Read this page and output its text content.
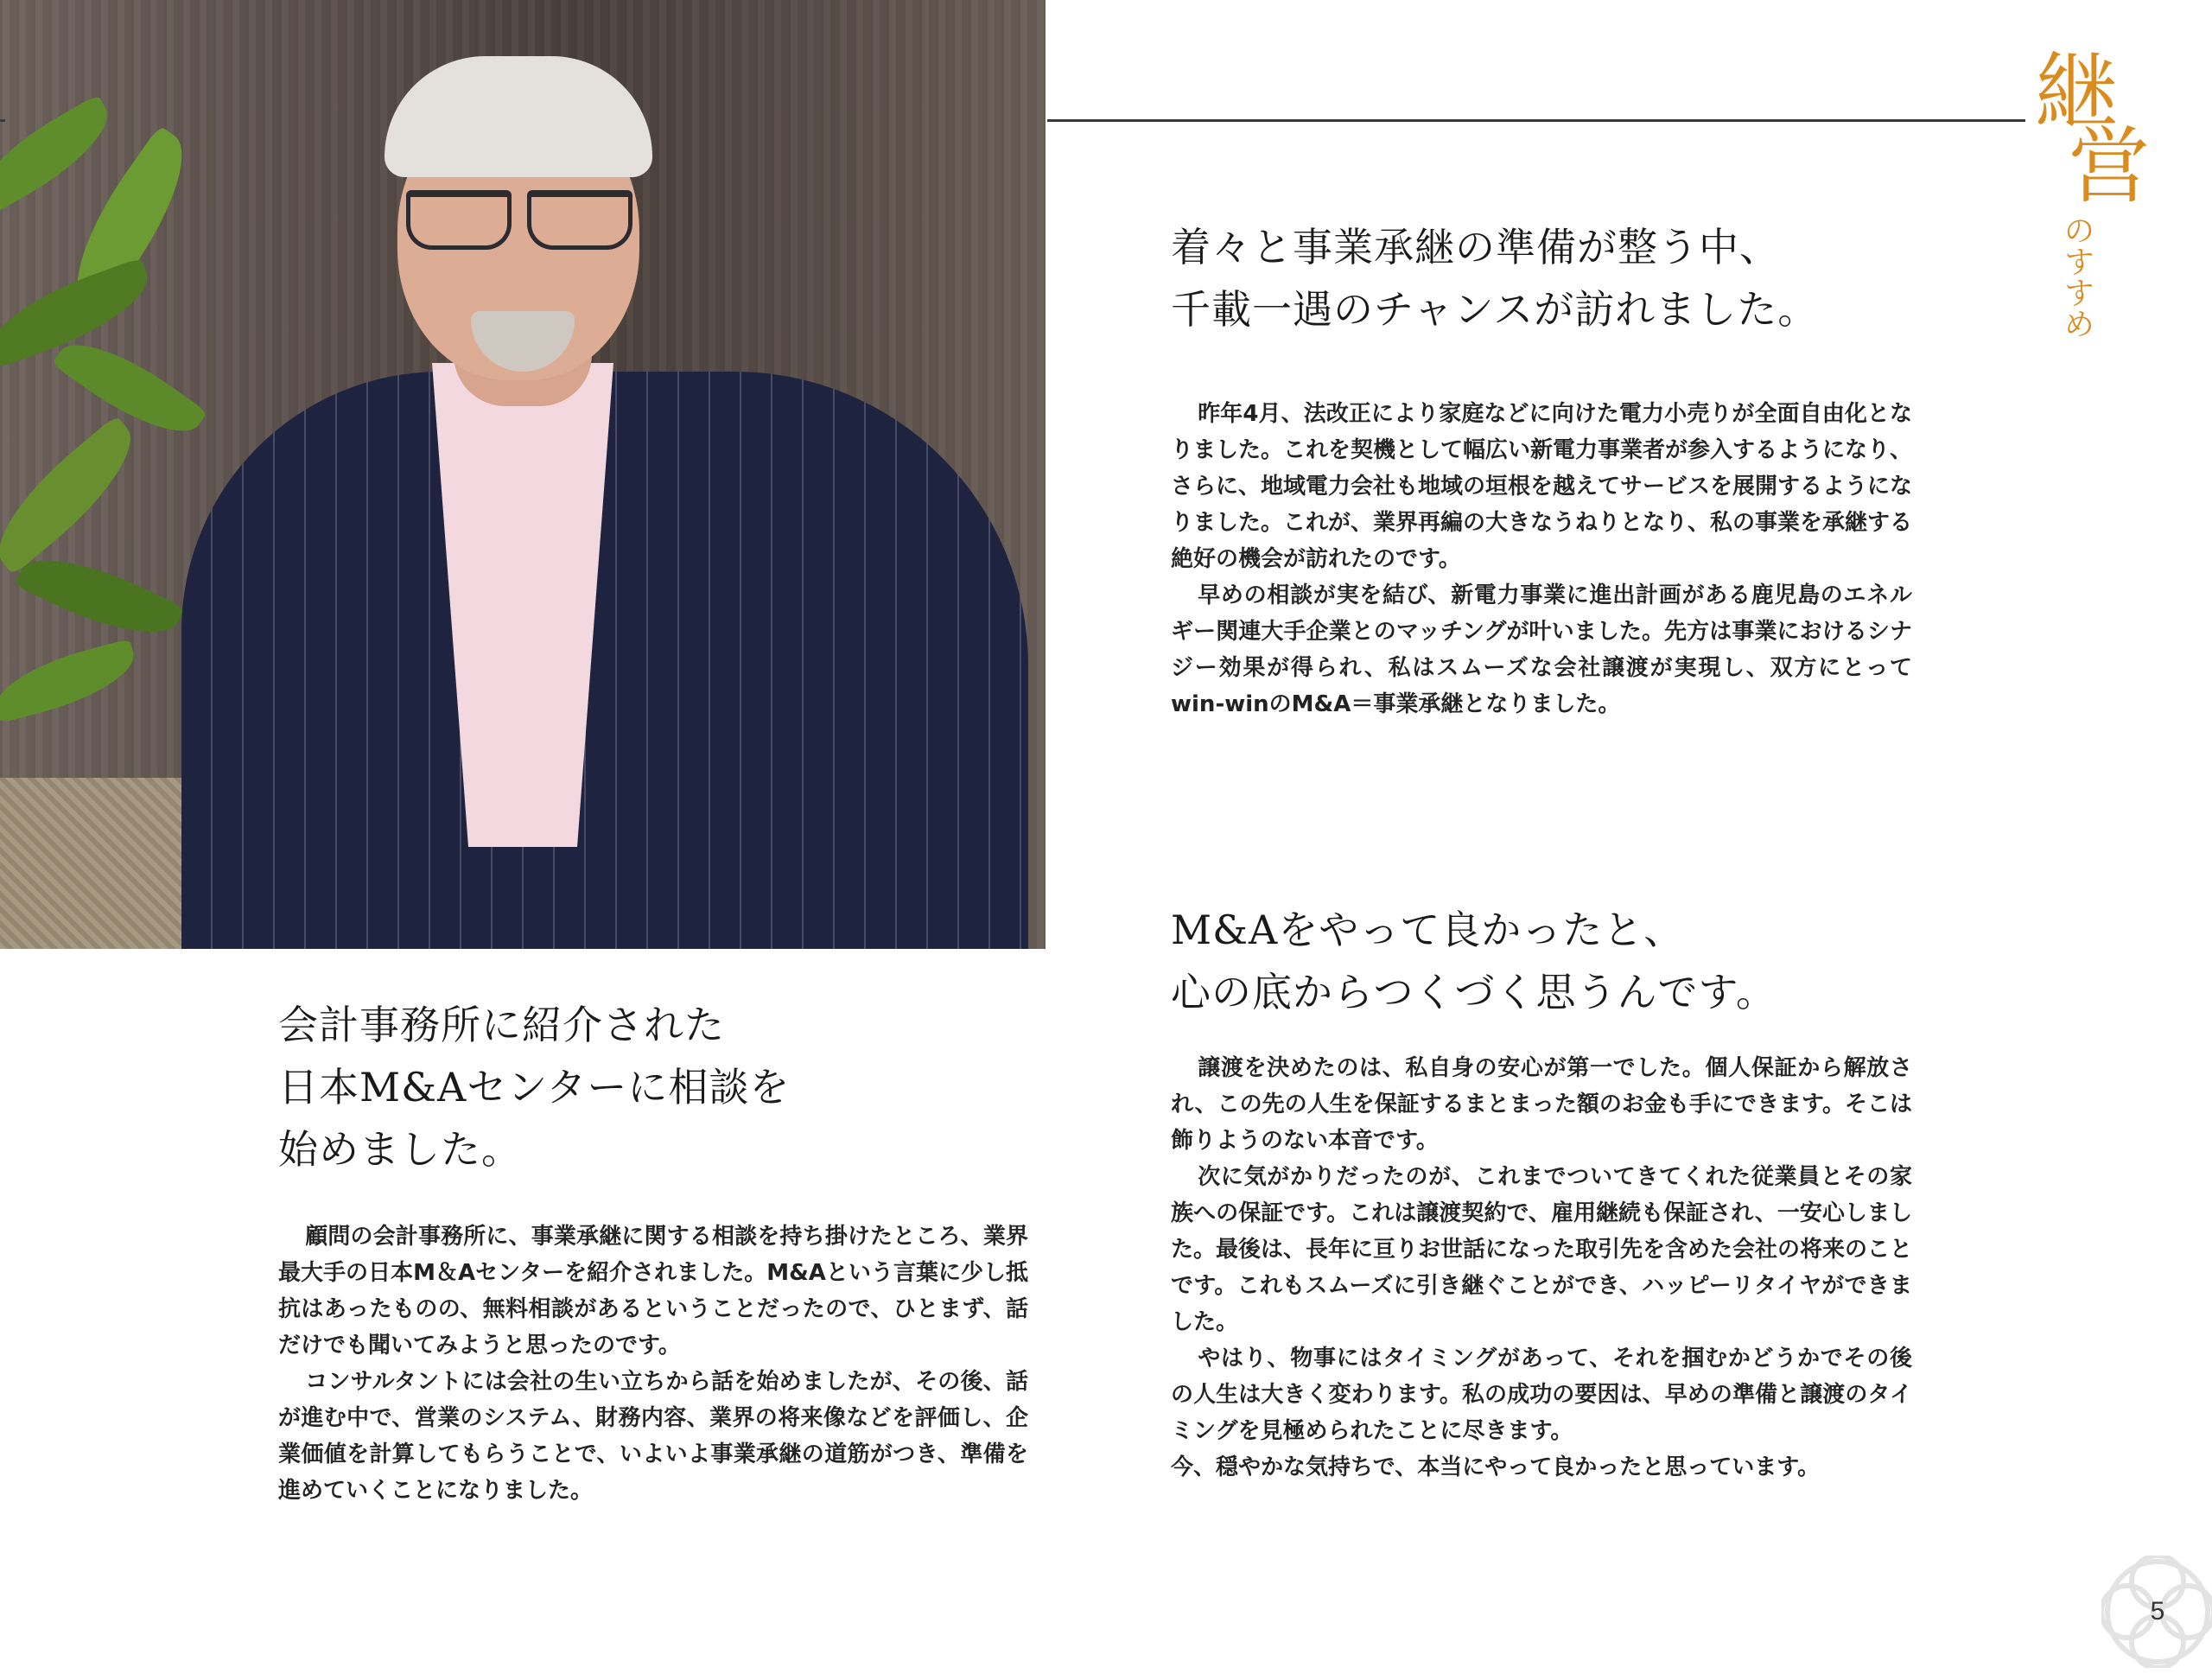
継
営
のすすめ
会計事務所に紹介された
日本M&Aセンターに相談を
始めました。

顧問の会計事務所に、事業承継に関する相談を持ち掛けたところ、業界最大手の日本M＆Aセンターを紹介されました。M&Aという言葉に少し抵抗はあったものの、無料相談があるということだったので、ひとまず、話だけでも聞いてみようと思ったのです。

コンサルタントには会社の生い立ちから話を始めましたが、その後、話が進む中で、営業のシステム、財務内容、業界の将来像などを評価し、企業価値を計算してもらうことで、いよいよ事業承継の道筋がつき、準備を進めていくことになりました。

着々と事業承継の準備が整う中、
千載一遇のチャンスが訪れました。

昨年4月、法改正により家庭などに向けた電力小売りが全面自由化となりました。これを契機として幅広い新電力事業者が参入するようになり、さらに、地域電力会社も地域の垣根を越えてサービスを展開するようになりました。これが、業界再編の大きなうねりとなり、私の事業を承継する絶好の機会が訪れたのです。

早めの相談が実を結び、新電力事業に進出計画がある鹿児島のエネルギー関連大手企業とのマッチングが叶いました。先方は事業におけるシナジー効果が得られ、私はスムーズな会社譲渡が実現し、双方にとってwin-winのM&A＝事業承継となりました。

M&Aをやって良かったと、
心の底からつくづく思うんです。

譲渡を決めたのは、私自身の安心が第一でした。個人保証から解放され、この先の人生を保証するまとまった額のお金も手にできます。そこは飾りようのない本音です。

次に気がかりだったのが、これまでついてきてくれた従業員とその家族への保証です。これは譲渡契約で、雇用継続も保証され、一安心しました。最後は、長年に亘りお世話になった取引先を含めた会社の将来のことです。これもスムーズに引き継ぐことができ、ハッピーリタイヤができました。

やはり、物事にはタイミングがあって、それを掴むかどうかでその後の人生は大きく変わります。私の成功の要因は、早めの準備と譲渡のタイミングを見極められたことに尽きます。

今、穏やかな気持ちで、本当にやって良かったと思っています。

5
